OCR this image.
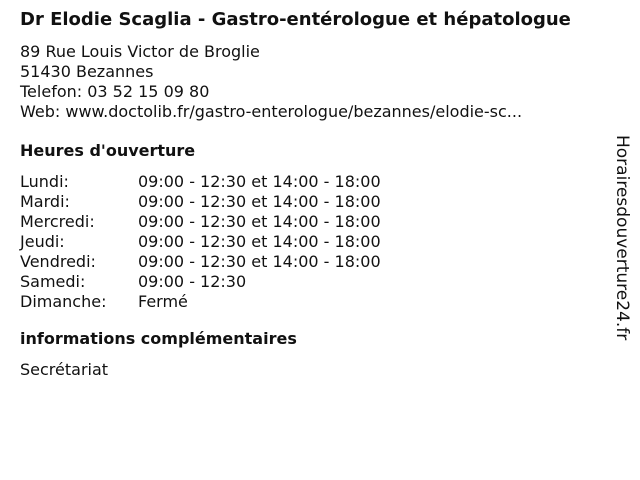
Dr Elodie Scaglia - Gastro-entérologue et hépatologue
89 Rue Louis Victor de Broglie
51430 Bezannes
Telefon: 03 52 15 09 80
Web: www.doctolib.fr/gastro-enterologue/bezannes/elodie-sc...
Heures d'ouverture
Lundi:	09:00 - 12:30 et 14:00 - 18:00
Mardi:	09:00 - 12:30 et 14:00 - 18:00
Mercredi:	09:00 - 12:30 et 14:00 - 18:00
Jeudi:	09:00 - 12:30 et 14:00 - 18:00
Vendredi:	09:00 - 12:30 et 14:00 - 18:00
Samedi:	09:00 - 12:30
Dimanche:	Fermé
informations complémentaires
Secrétariat
Horairesdouverture24.fr
